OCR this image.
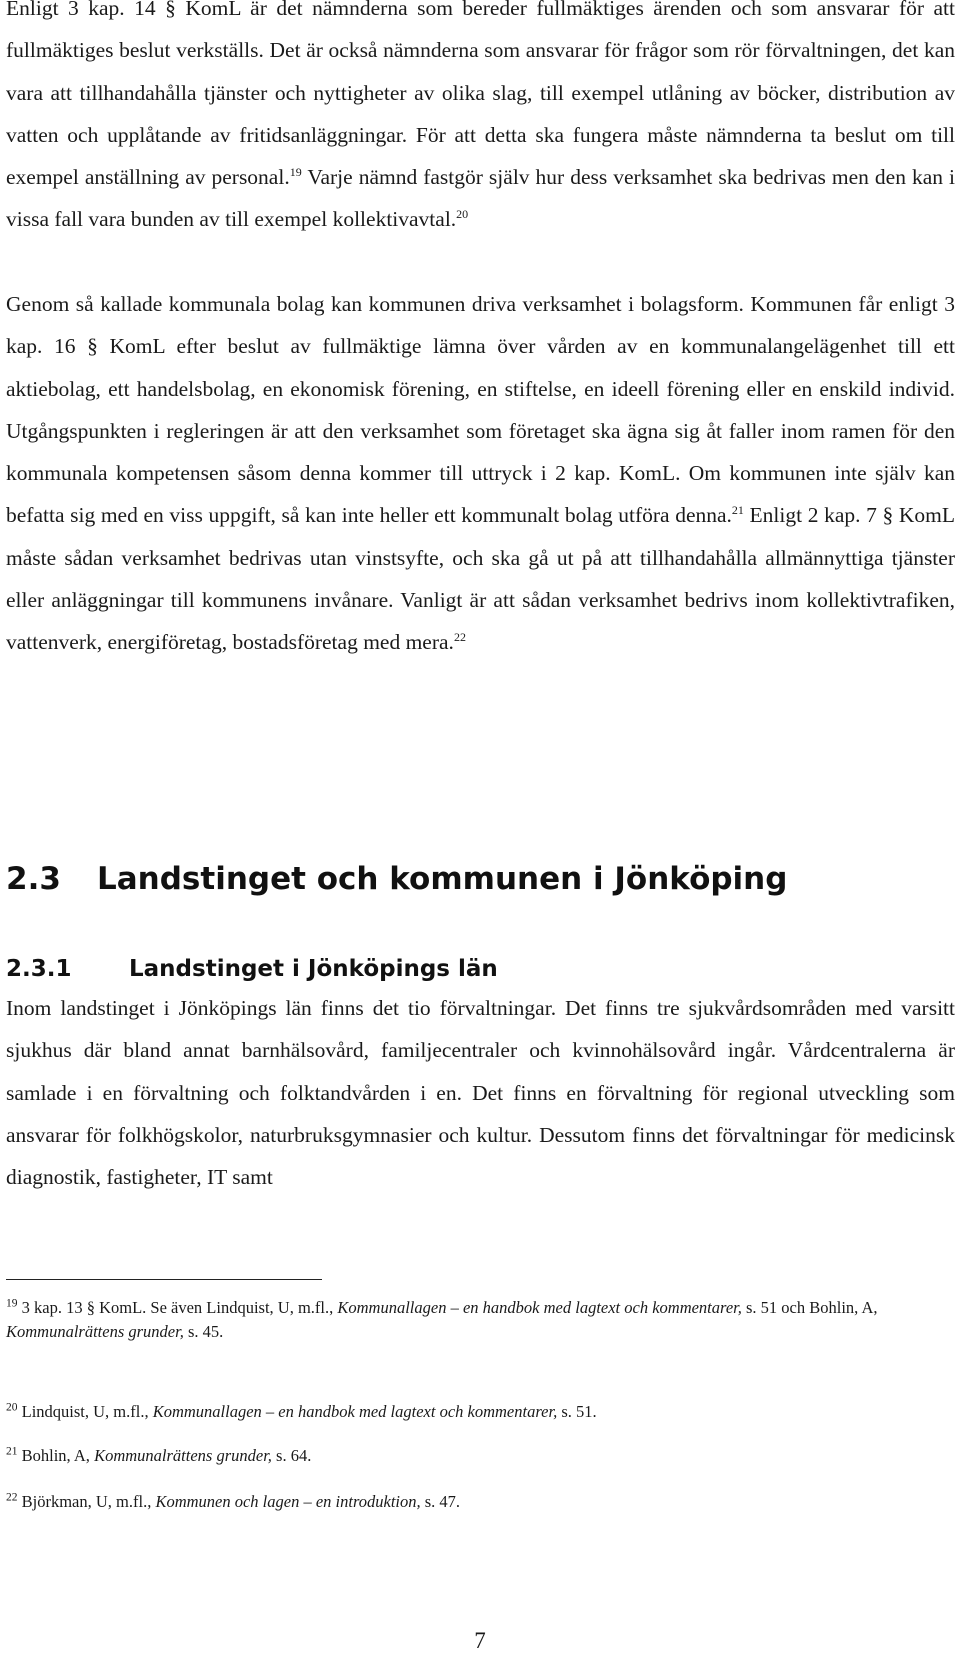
Enligt 3 kap. 14 § KomL är det nämnderna som bereder fullmäktiges ärenden och som ansvarar för att fullmäktiges beslut verkställs. Det är också nämnderna som ansvarar för frågor som rör förvaltningen, det kan vara att tillhandahålla tjänster och nyttigheter av olika slag, till exempel utlåning av böcker, distribution av vatten och upplåtande av fritidsanläggningar. För att detta ska fungera måste nämnderna ta beslut om till exempel anställning av personal.$^{19}$ Varje nämnd fastgör själv hur dess verksamhet ska bedrivas men den kan i vissa fall vara bunden av till exempel kollektivavtal.$^{20}$

Genom så kallade kommunala bolag kan kommunen driva verksamhet i bolagsform. Kommunen får enligt 3 kap. 16 § KomL efter beslut av fullmäktige lämna över vården av en kommunalangelägenhet till ett aktiebolag, ett handelsbolag, en ekonomisk förening, en stiftelse, en ideell förening eller en enskild individ. Utgångspunkten i regleringen är att den verksamhet som företaget ska ägna sig åt faller inom ramen för den kommunala kompetensen såsom denna kommer till uttryck i 2 kap. KomL. Om kommunen inte själv kan befatta sig med en viss uppgift, så kan inte heller ett kommunalt bolag utföra denna.$^{21}$ Enligt 2 kap. 7 § KomL måste sådan verksamhet bedrivas utan vinstsyfte, och ska gå ut på att tillhandahålla allmännyttiga tjänster eller anläggningar till kommunens invånare. Vanligt är att sådan verksamhet bedrivs inom kollektivtrafiken, vattenverk, energiföretag, bostadsföretag med mera.$^{22}$

2.3 Landstinget och kommunen i Jönköping
2.3.1	Landstinget i Jönköpings län

Inom landstinget i Jönköpings län finns det tio förvaltningar. Det finns tre sjukvårdsområden med varsitt sjukhus där bland annat barnhälsovård, familjecentraler och kvinnohälsovård ingår. Vårdcentralerna är samlade i en förvaltning och folktandvården i en. Det finns en förvaltning för regional utveckling som ansvarar för folkhögskolor, naturbruksgymnasier och kultur. Dessutom finns det förvaltningar för medicinsk diagnostik, fastigheter, IT samt

$^{19}$ 3 kap. 13 § KomL. Se även Lindquist, U, m.fl., Kommunallagen – en handbok med lagtext och kommentarer, s. 51 och Bohlin, A, Kommunalrättens grunder, s. 45.

$^{20}$ Lindquist, U, m.fl., Kommunallagen – en handbok med lagtext och kommentarer, s. 51.

$^{21}$ Bohlin, A, Kommunalrättens grunder, s. 64.

$^{22}$ Björkman, U, m.fl., Kommunen och lagen – en introduktion, s. 47.

7
